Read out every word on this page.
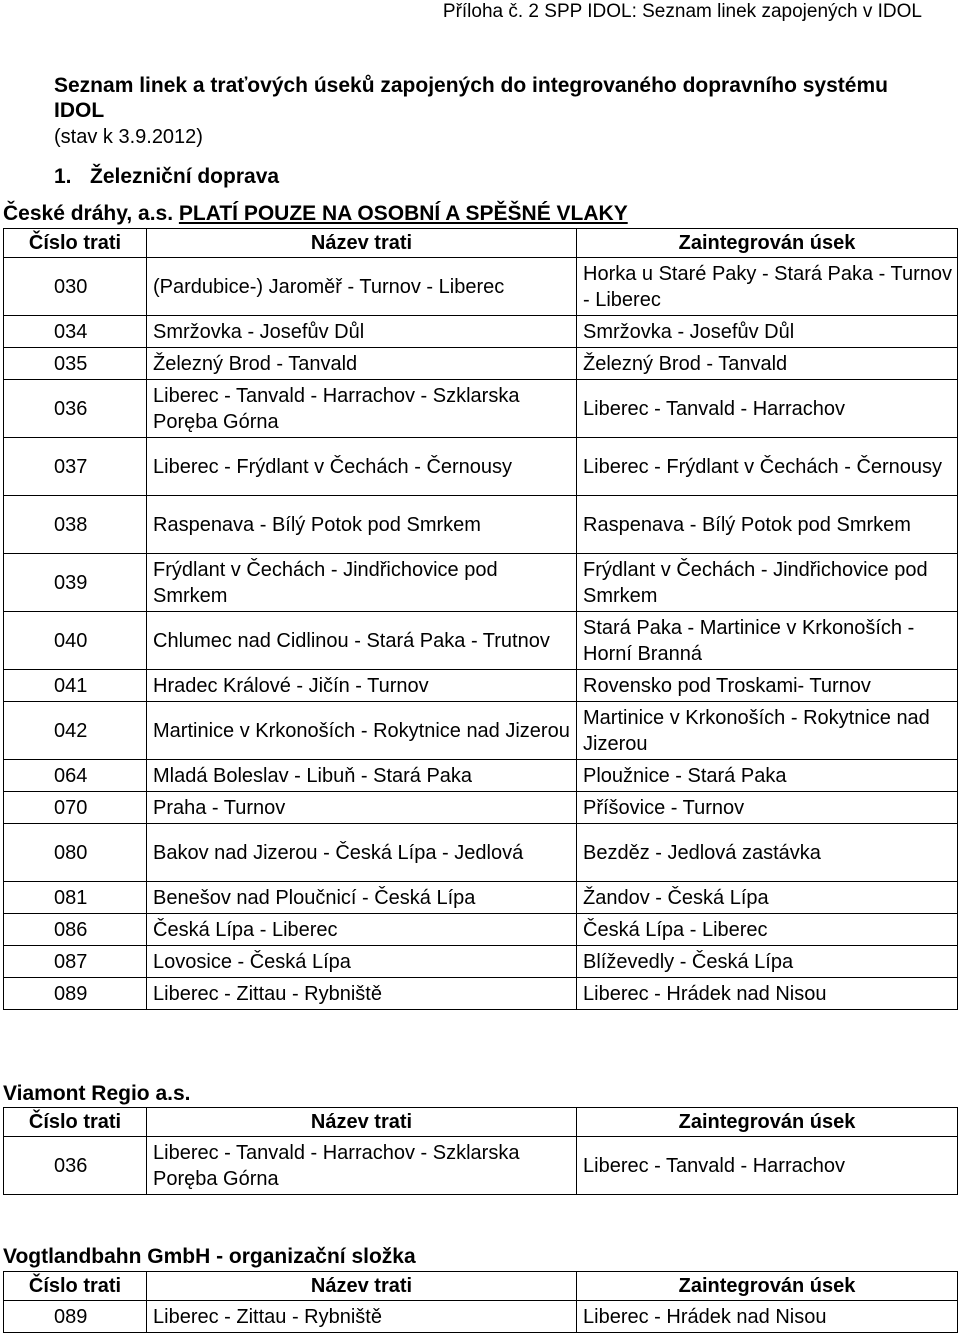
Příloha č. 2 SPP IDOL: Seznam linek zapojených v IDOL
Seznam linek a traťových úseků zapojených do integrovaného dopravního systému IDOL
(stav k 3.9.2012)
1. Železniční doprava
České dráhy, a.s. PLATÍ POUZE NA OSOBNÍ A SPĚŠNÉ VLAKY
Číslo trati	Název trati	Zaintegrován úsek
030	(Pardubice-) Jaroměř - Turnov - Liberec	Horka u Staré Paky - Stará Paka - Turnov - Liberec
034	Smržovka - Josefův Důl	Smržovka - Josefův Důl
035	Železný Brod - Tanvald	Železný Brod - Tanvald
036	Liberec - Tanvald - Harrachov - Szklarska Poręba Górna	Liberec - Tanvald - Harrachov
037	Liberec - Frýdlant v Čechách - Černousy	Liberec - Frýdlant v Čechách - Černousy
038	Raspenava - Bílý Potok pod Smrkem	Raspenava - Bílý Potok pod Smrkem
039	Frýdlant v Čechách - Jindřichovice pod Smrkem	Frýdlant v Čechách - Jindřichovice pod Smrkem
040	Chlumec nad Cidlinou - Stará Paka - Trutnov	Stará Paka - Martinice v Krkonoších - Horní Branná
041	Hradec Králové - Jičín - Turnov	Rovensko pod Troskami- Turnov
042	Martinice v Krkonoších - Rokytnice nad Jizerou	Martinice v Krkonoších - Rokytnice nad Jizerou
064	Mladá Boleslav - Libuň - Stará Paka	Ploužnice - Stará Paka
070	Praha - Turnov	Příšovice - Turnov
080	Bakov nad Jizerou - Česká Lípa - Jedlová	Bezděz - Jedlová zastávka
081	Benešov nad Ploučnicí - Česká Lípa	Žandov - Česká Lípa
086	Česká Lípa - Liberec	Česká Lípa - Liberec
087	Lovosice - Česká Lípa	Blíževedly - Česká Lípa
089	Liberec - Zittau - Rybniště	Liberec - Hrádek nad Nisou
Viamont Regio a.s.
Číslo trati	Název trati	Zaintegrován úsek
036	Liberec - Tanvald - Harrachov - Szklarska Poręba Górna	Liberec - Tanvald - Harrachov
Vogtlandbahn GmbH - organizační složka
Číslo trati	Název trati	Zaintegrován úsek
089	Liberec - Zittau - Rybniště	Liberec - Hrádek nad Nisou
